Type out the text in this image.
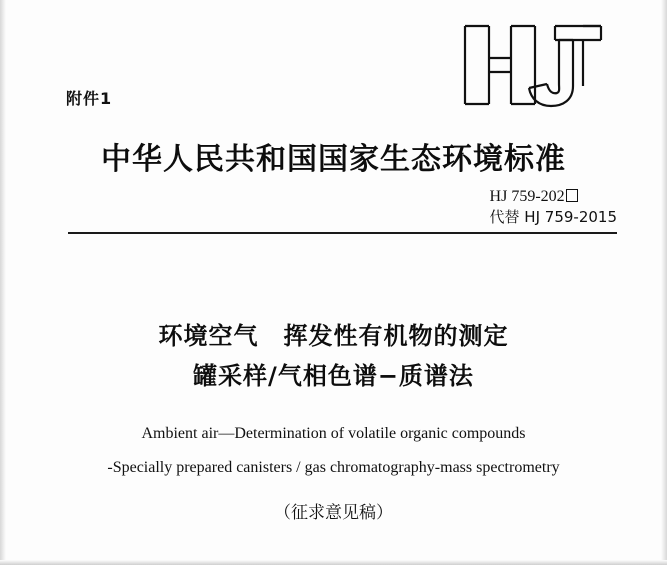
附件1
中华人民共和国国家生态环境标准
HJ 759-202
代替 HJ 759-2015
环境空气　挥发性有机物的测定
罐采样/气相色谱−质谱法
Ambient air—Determination of volatile organic compounds
-Specially prepared canisters / gas chromatography-mass spectrometry
（征求意见稿）
